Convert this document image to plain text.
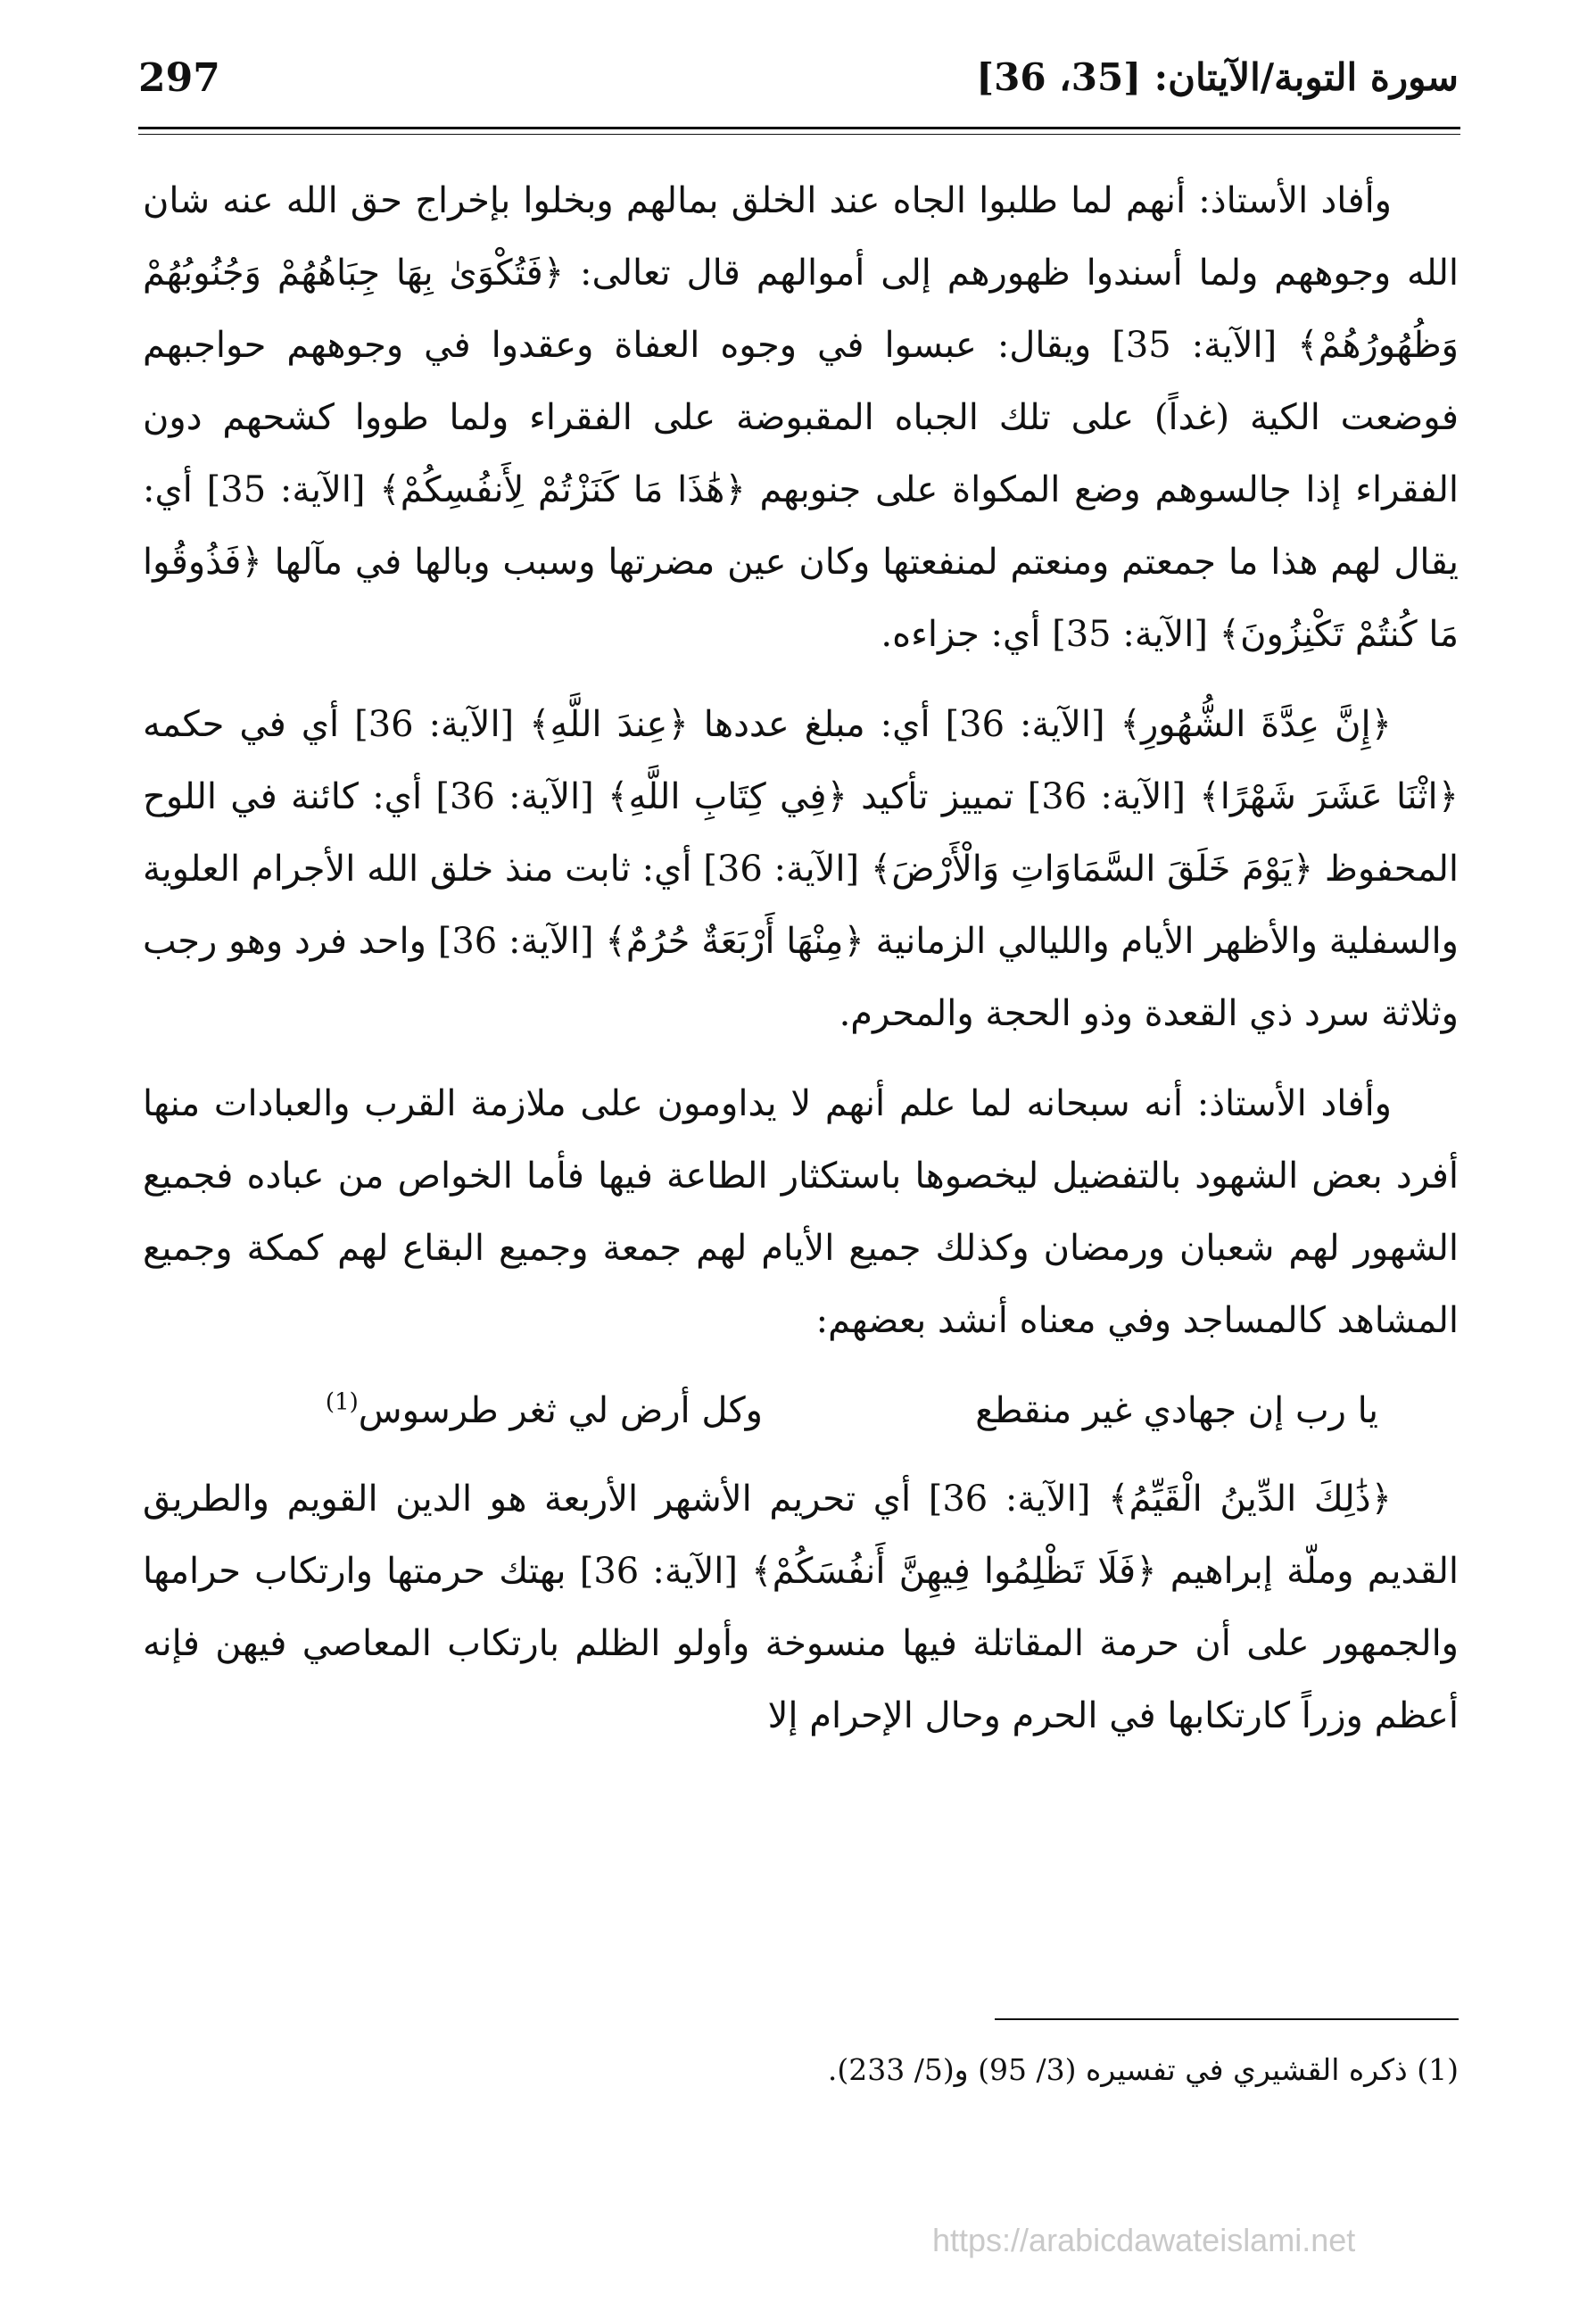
سورة التوبة/الآيتان: [35، 36]
297

وأفاد الأستاذ: أنهم لما طلبوا الجاه عند الخلق بمالهم وبخلوا بإخراج حق الله عنه شان الله وجوههم ولما أسندوا ظهورهم إلى أموالهم قال تعالى: ﴿فَتُكْوَىٰ بِهَا جِبَاهُهُمْ وَجُنُوبُهُمْ وَظُهُورُهُمْ﴾ [الآية: 35] ويقال: عبسوا في وجوه العفاة وعقدوا في وجوههم حواجبهم فوضعت الكية (غداً) على تلك الجباه المقبوضة على الفقراء ولما طووا كشحهم دون الفقراء إذا جالسوهم وضع المكواة على جنوبهم ﴿هَٰذَا مَا كَنَزْتُمْ لِأَنفُسِكُمْ﴾ [الآية: 35] أي: يقال لهم هذا ما جمعتم ومنعتم لمنفعتها وكان عين مضرتها وسبب وبالها في مآلها ﴿فَذُوقُوا مَا كُنتُمْ تَكْنِزُونَ﴾ [الآية: 35] أي: جزاءه.

﴿إِنَّ عِدَّةَ الشُّهُورِ﴾ [الآية: 36] أي: مبلغ عددها ﴿عِندَ اللَّهِ﴾ [الآية: 36] أي في حكمه ﴿اثْنَا عَشَرَ شَهْرًا﴾ [الآية: 36] تمييز تأكيد ﴿فِي كِتَابِ اللَّهِ﴾ [الآية: 36] أي: كائنة في اللوح المحفوظ ﴿يَوْمَ خَلَقَ السَّمَاوَاتِ وَالْأَرْضَ﴾ [الآية: 36] أي: ثابت منذ خلق الله الأجرام العلوية والسفلية والأظهر الأيام والليالي الزمانية ﴿مِنْهَا أَرْبَعَةٌ حُرُمٌ﴾ [الآية: 36] واحد فرد وهو رجب وثلاثة سرد ذي القعدة وذو الحجة والمحرم.

وأفاد الأستاذ: أنه سبحانه لما علم أنهم لا يداومون على ملازمة القرب والعبادات منها أفرد بعض الشهود بالتفضيل ليخصوها باستكثار الطاعة فيها فأما الخواص من عباده فجميع الشهور لهم شعبان ورمضان وكذلك جميع الأيام لهم جمعة وجميع البقاع لهم كمكة وجميع المشاهد كالمساجد وفي معناه أنشد بعضهم:

يا رب إن جهادي غير منقطع
وكل أرض لي ثغر طرسوس$^{(1)}$

﴿ذَٰلِكَ الدِّينُ الْقَيِّمُ﴾ [الآية: 36] أي تحريم الأشهر الأربعة هو الدين القويم والطريق القديم وملّة إبراهيم ﴿فَلَا تَظْلِمُوا فِيهِنَّ أَنفُسَكُمْ﴾ [الآية: 36] بهتك حرمتها وارتكاب حرامها والجمهور على أن حرمة المقاتلة فيها منسوخة وأولو الظلم بارتكاب المعاصي فيهن فإنه أعظم وزراً كارتكابها في الحرم وحال الإحرام إلا

(1) ذكره القشيري في تفسيره (3/ 95) و(5/ 233).
https://arabicdawateislami.net
